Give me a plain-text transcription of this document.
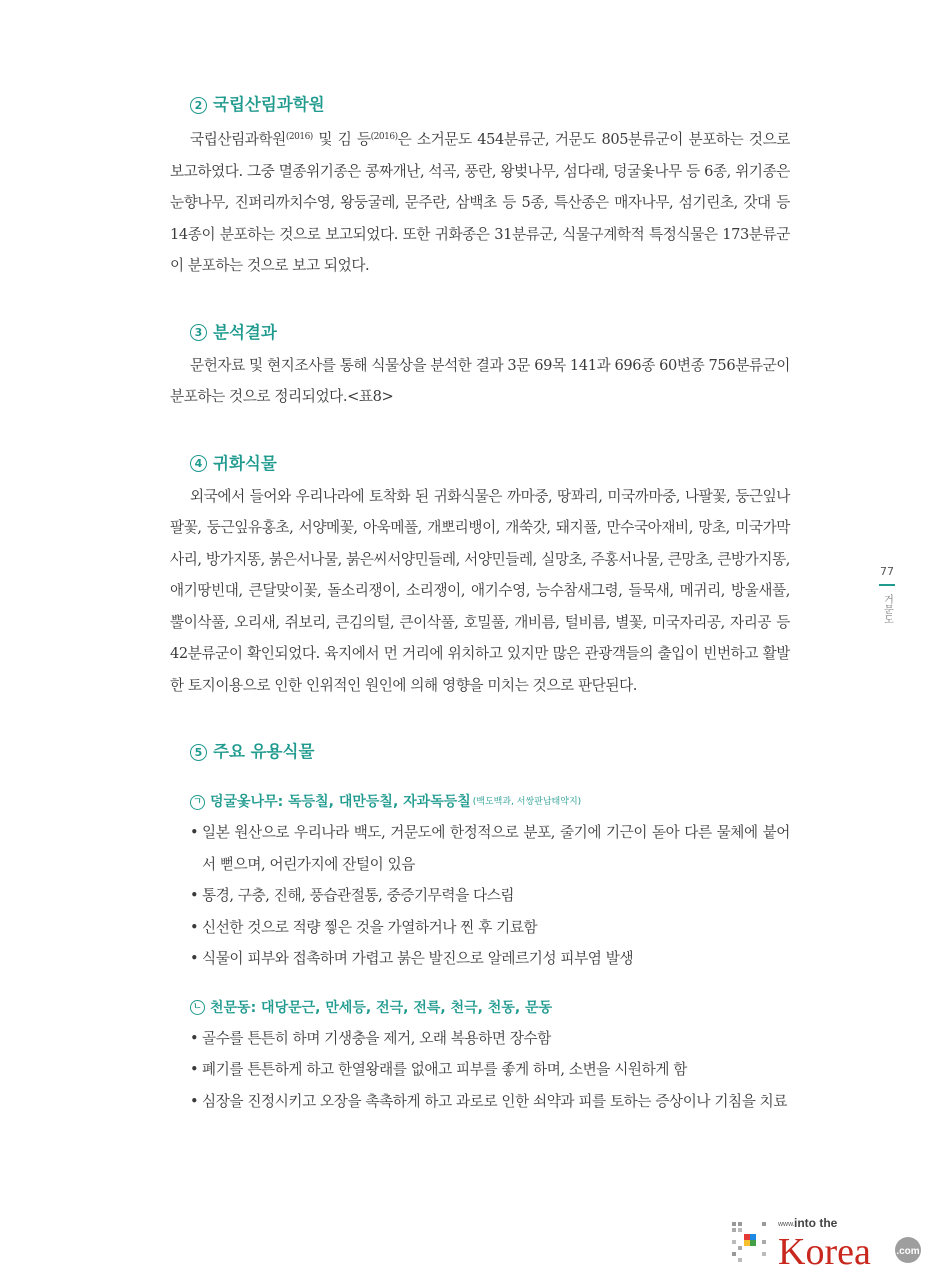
2 국립산림과학원
국립산림과학원$^{(2016)}$ 및 김 등$^{(2016)}$은 소거문도 454분류군, 거문도 805분류군이 분포하는 것으로 보고하였다. 그중 멸종위기종은 콩짜개난, 석곡, 풍란, 왕벚나무, 섬다래, 덩굴옻나무 등 6종, 위기종은 눈향나무, 진퍼리까치수영, 왕둥굴레, 문주란, 삼백초 등 5종, 특산종은 매자나무, 섬기린초, 갓대 등 14종이 분포하는 것으로 보고되었다. 또한 귀화종은 31분류군, 식물구계학적 특정식물은 173분류군이 분포하는 것으로 보고 되었다.
3 분석결과
문헌자료 및 현지조사를 통해 식물상을 분석한 결과 3문 69목 141과 696종 60변종 756분류군이 분포하는 것으로 정리되었다.<표8>
4 귀화식물
외국에서 들어와 우리나라에 토착화 된 귀화식물은 까마중, 땅꽈리, 미국까마중, 나팔꽃, 둥근잎나팔꽃, 둥근잎유홍초, 서양메꽃, 아욱메풀, 개뽀리뱅이, 개쑥갓, 돼지풀, 만수국아재비, 망초, 미국가막사리, 방가지똥, 붉은서나물, 붉은씨서양민들레, 서양민들레, 실망초, 주홍서나물, 큰망초, 큰방가지똥, 애기땅빈대, 큰달맞이꽃, 돌소리쟁이, 소리쟁이, 애기수영, 능수참새그령, 들묵새, 메귀리, 방울새풀, 뿔이삭풀, 오리새, 쥐보리, 큰김의털, 큰이삭풀, 호밀풀, 개비름, 털비름, 별꽃, 미국자리공, 자리공 등 42분류군이 확인되었다. 육지에서 먼 거리에 위치하고 있지만 많은 관광객들의 출입이 빈번하고 활발한 토지이용으로 인한 인위적인 원인에 의해 영향을 미치는 것으로 판단된다.
5 주요 유용식물
ㄱ 덩굴옻나무: 독등칠, 대만등칠, 자과독등칠 (백도백과, 서쌍판납태약지)
• 일본 원산으로 우리나라 백도, 거문도에 한정적으로 분포, 줄기에 기근이 돋아 다른 물체에 붙어서 뻗으며, 어린가지에 잔털이 있음
• 통경, 구충, 진해, 풍습관절통, 중증기무력을 다스림
• 신선한 것으로 적량 찧은 것을 가열하거나 찐 후 기료함
• 식물이 피부와 접촉하며 가렵고 붉은 발진으로 알레르기성 피부염 발생
ㄴ 천문동: 대당문근, 만세등, 전극, 전륵, 천극, 천동, 문동
• 골수를 튼튼히 하며 기생충을 제거, 오래 복용하면 장수함
• 폐기를 튼튼하게 하고 한열왕래를 없애고 피부를 좋게 하며, 소변을 시원하게 함
• 심장을 진정시키고 오장을 촉촉하게 하고 과로로 인한 쇠약과 피를 토하는 증상이나 기침을 치료
77
거문도
www. into the
Korea	.com
